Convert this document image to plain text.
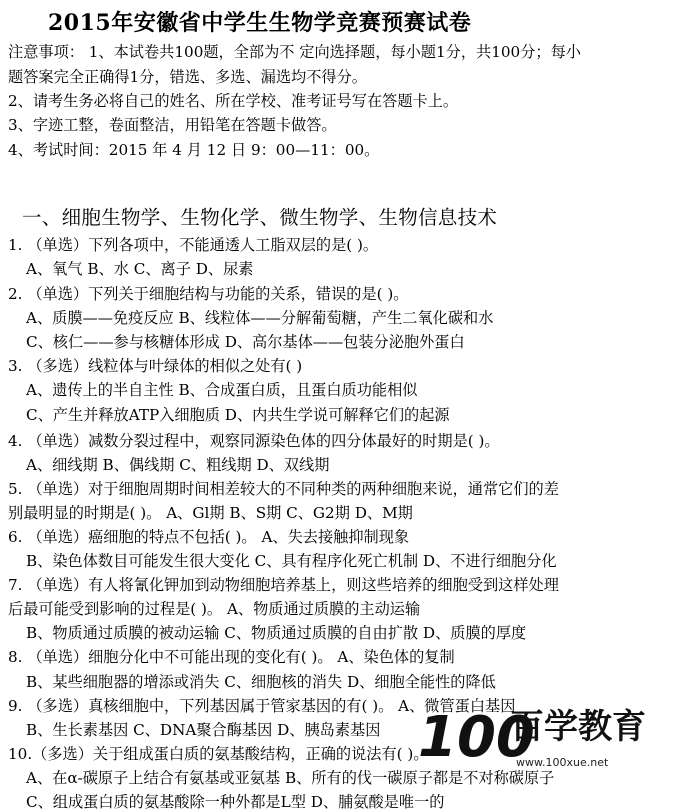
2015年安徽省中学生生物学竞赛预赛试卷
注意事项： 1、本试卷共100题，全部为不 定向选择题，每小题1分，共100分；每小
题答案完全正确得1分，错选、多选、漏选均不得分。
2、请考生务必将自己的姓名、所在学校、准考证号写在答题卡上。
3、字迹工整，卷面整洁，用铅笔在答题卡做答。
4、考试时间：2015 年 4 月 12 日 9：00—11：00。
一、细胞生物学、生物化学、微生物学、生物信息技术
1. （单选）下列各项中，不能通透人工脂双层的是( )。
A、氧气 B、水 C、离子 D、尿素
2. （单选）下列关于细胞结构与功能的关系，错误的是( )。
A、质膜——免疫反应 B、线粒体——分解葡萄糖，产生二氧化碳和水
C、核仁——参与核糖体形成 D、高尔基体——包装分泌胞外蛋白
3. （多选）线粒体与叶绿体的相似之处有( )
A、遗传上的半自主性 B、合成蛋白质，且蛋白质功能相似
C、产生并释放ATP入细胞质 D、内共生学说可解释它们的起源
4. （单选）减数分裂过程中，观察同源染色体的四分体最好的时期是( )。
A、细线期 B、偶线期 C、粗线期 D、双线期
5. （单选）对于细胞周期时间相差较大的不同种类的两种细胞来说，通常它们的差
别最明显的时期是( )。 A、Gl期 B、S期 C、G2期 D、M期
6. （单选）癌细胞的特点不包括( )。 A、失去接触抑制现象
B、染色体数目可能发生很大变化 C、具有程序化死亡机制 D、不进行细胞分化
7. （单选）有人将氰化钾加到动物细胞培养基上，则这些培养的细胞受到这样处理
后最可能受到影响的过程是( )。 A、物质通过质膜的主动运输
B、物质通过质膜的被动运输 C、物质通过质膜的自由扩散 D、质膜的厚度
8. （单选）细胞分化中不可能出现的变化有( )。 A、染色体的复制
B、某些细胞器的增添或消失 C、细胞核的消失 D、细胞全能性的降低
9. （多选）真核细胞中，下列基因属于管家基因的有( )。 A、微管蛋白基因
B、生长素基因 C、DNA聚合酶基因 D、胰岛素基因
10.（多选）关于组成蛋白质的氨基酸结构，正确的说法有( )。
A、在α-碳原子上结合有氨基或亚氨基 B、所有的伐一碳原子都是不对称碳原子
C、组成蛋白质的氨基酸除一种外都是L型 D、脯氨酸是唯一的
100
百学教育
www.100xue.net
